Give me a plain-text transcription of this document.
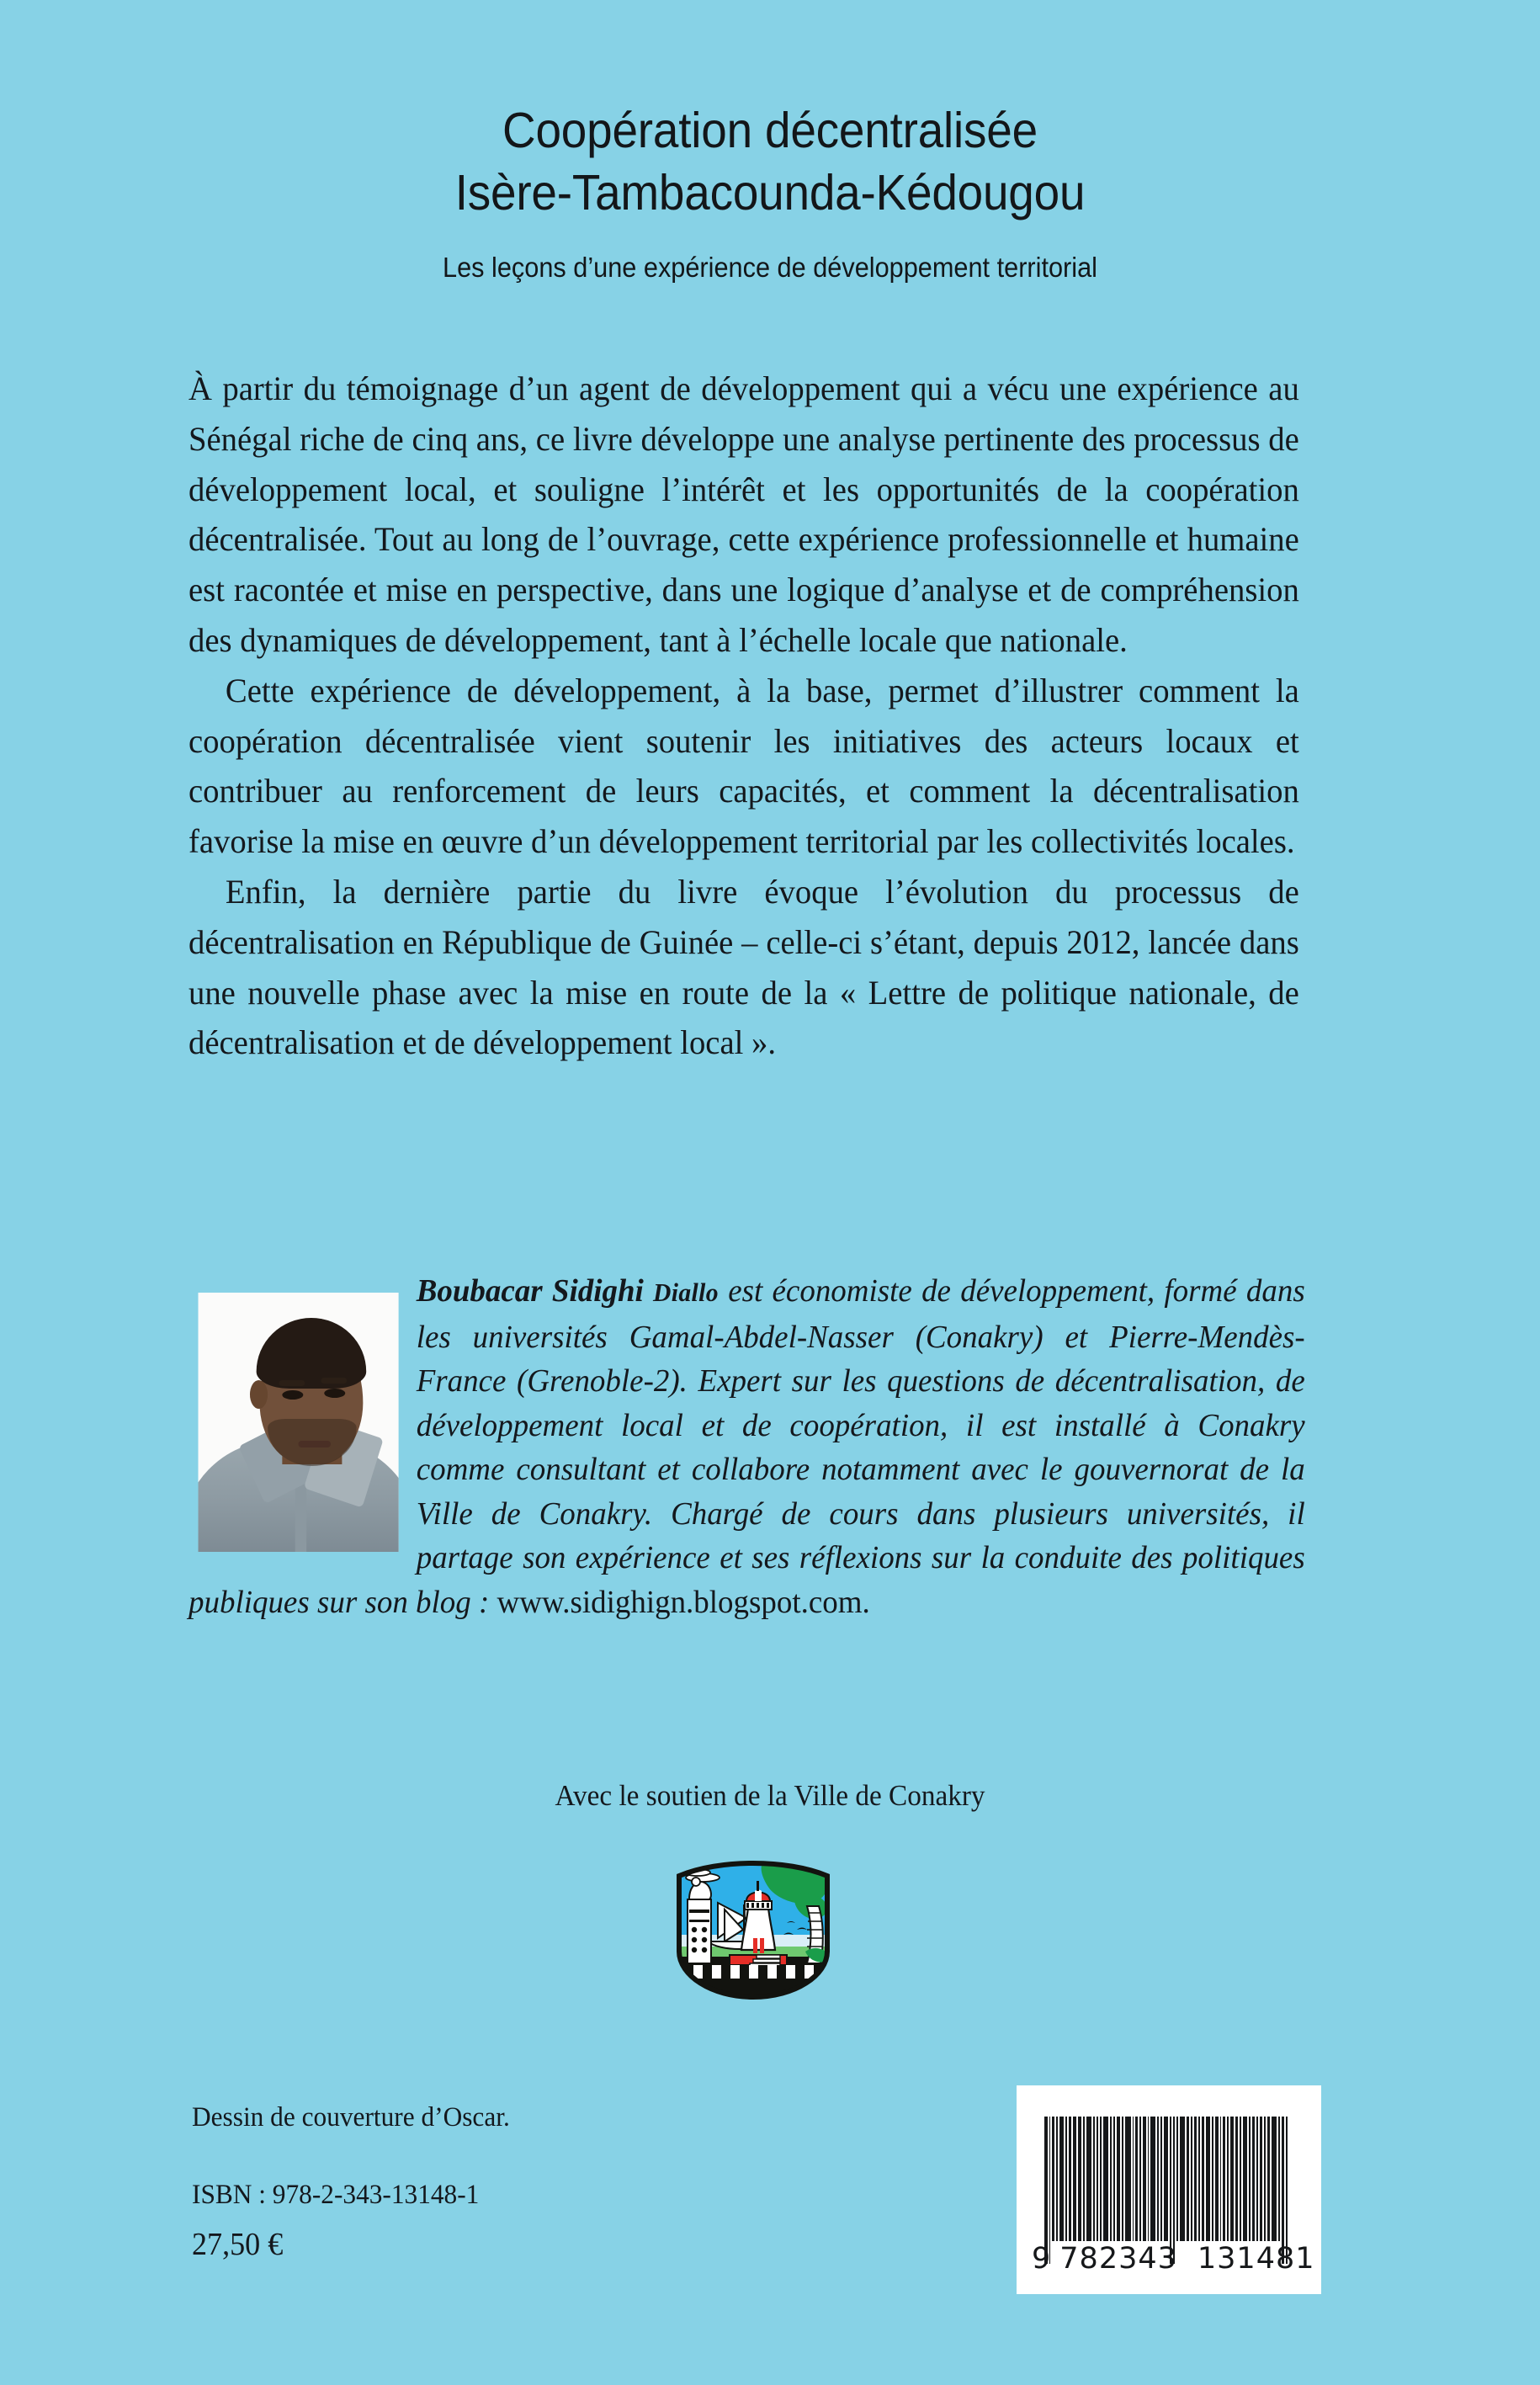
Coopération décentralisée
Isère-Tambacounda-Kédougou
Les leçons d’une expérience de développement territorial

À partir du témoignage d’un agent de développement qui a vécu une expérience au Sénégal riche de cinq ans, ce livre développe une analyse pertinente des processus de développement local, et souligne l’intérêt et les opportunités de la coopération décentralisée. Tout au long de l’ouvrage, cette expérience professionnelle et humaine est racontée et mise en perspective, dans une logique d’analyse et de compréhension des dynamiques de développement, tant à l’échelle locale que nationale.

Cette expérience de développement, à la base, permet d’illustrer comment la coopération décentralisée vient soutenir les initiatives des acteurs locaux et contribuer au renforcement de leurs capacités, et comment la décentralisation favorise la mise en œuvre d’un développement territorial par les collectivités locales.

Enfin, la dernière partie du livre évoque l’évolution du processus de décentralisation en République de Guinée – celle-ci s’étant, depuis 2012, lancée dans une nouvelle phase avec la mise en route de la « Lettre de politique nationale, de décentralisation et de développement local ».

Boubacar Sidighi Diallo est économiste de développement, formé dans les universités Gamal-Abdel-Nasser (Conakry) et Pierre-Mendès-France (Grenoble-2). Expert sur les questions de décentralisation, de développement local et de coopération, il est installé à Conakry comme consultant et collabore notamment avec le gouvernorat de la Ville de Conakry. Chargé de cours dans plusieurs universités, il partage son expérience et ses réflexions sur la conduite des politiques publiques sur son blog : www.sidighign.blogspot.com.
Avec le soutien de la Ville de Conakry
Dessin de couverture d’Oscar.
ISBN : 978-2-343-13148-1
27,50 €	9 782343 131481
